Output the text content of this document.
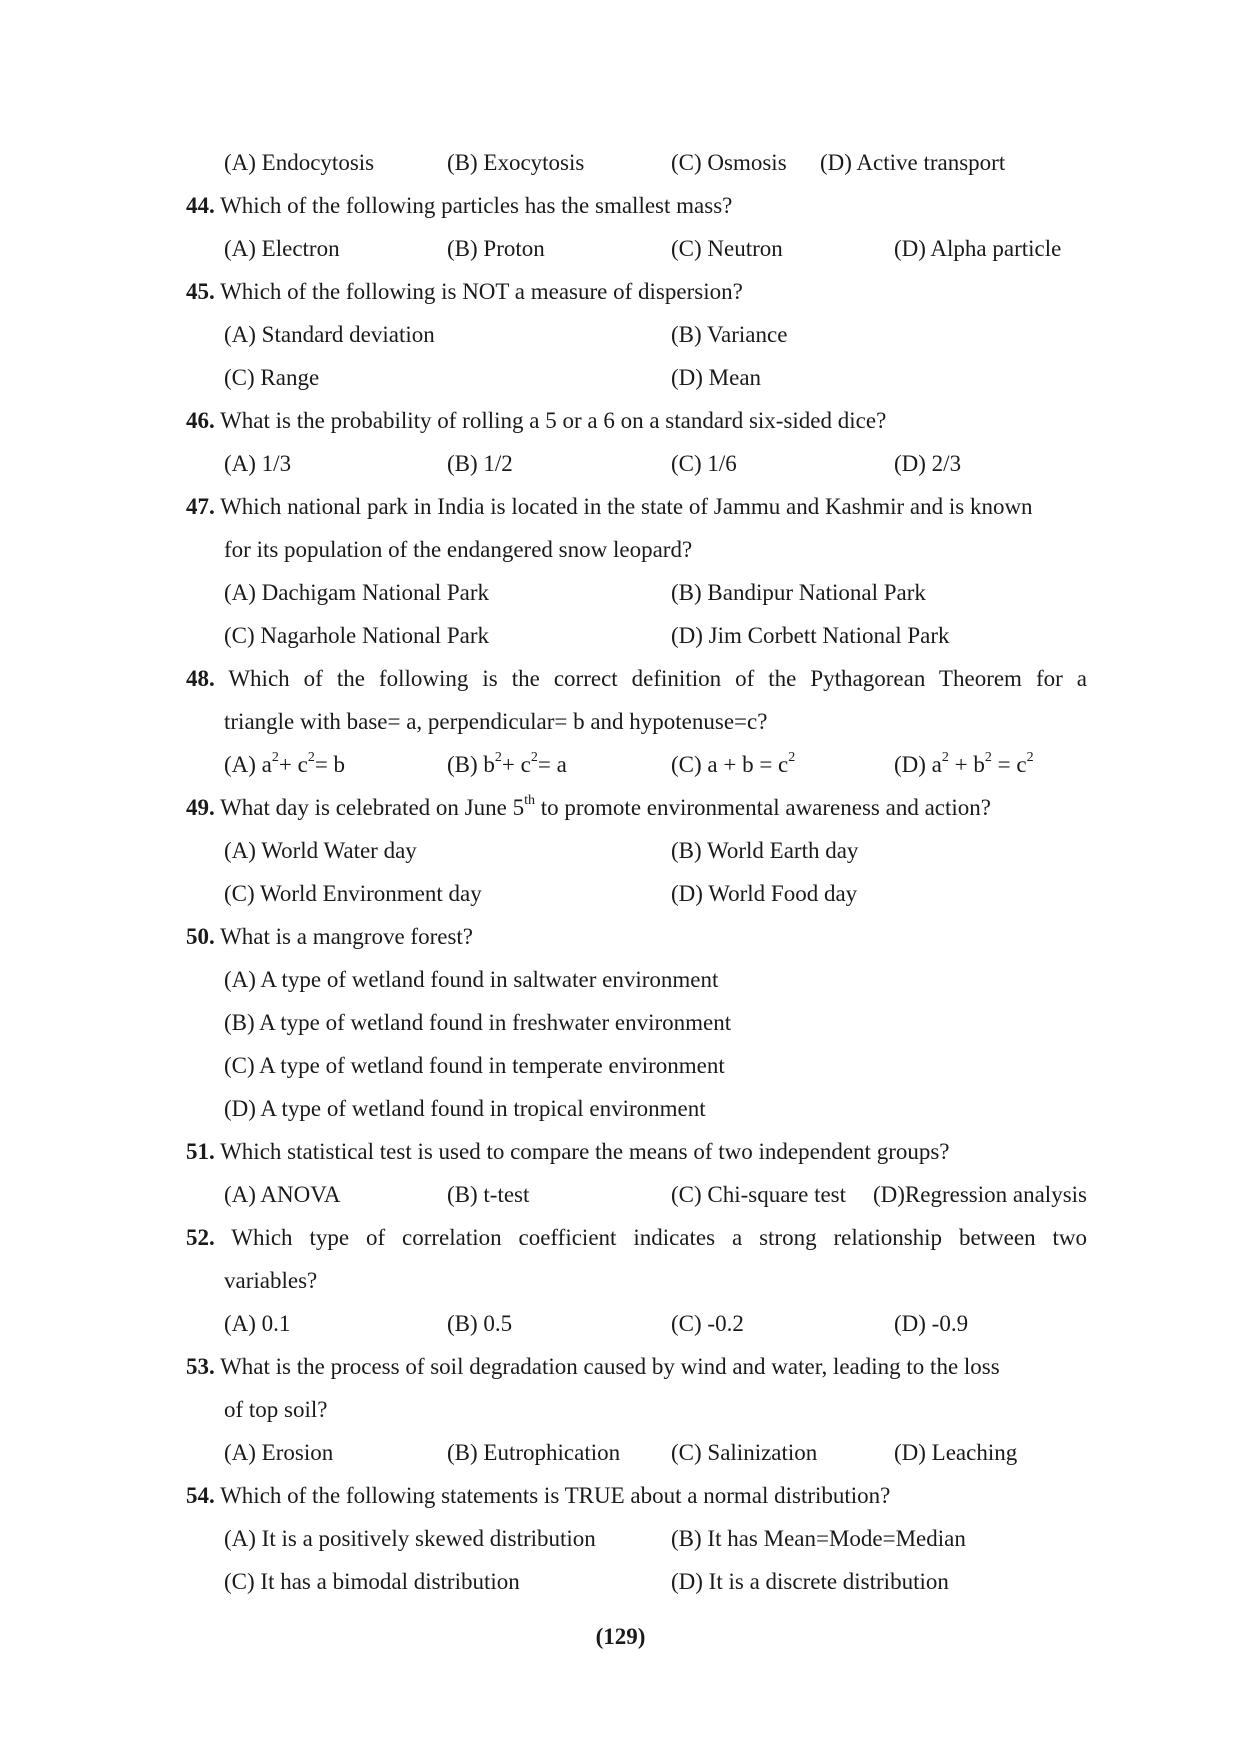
(A) Endocytosis	(B) Exocytosis	(C) Osmosis (D) Active transport
44. Which of the following particles has the smallest mass?
(A) Electron	(B) Proton	(C) Neutron	(D) Alpha particle
45. Which of the following is NOT a measure of dispersion?
(A) Standard deviation	(B) Variance
(C) Range	(D) Mean
46. What is the probability of rolling a 5 or a 6 on a standard six-sided dice?
(A) 1/3	(B) 1/2	(C) 1/6	(D) 2/3
47. Which national park in India is located in the state of Jammu and Kashmir and is known
for its population of the endangered snow leopard?
(A) Dachigam National Park	(B) Bandipur National Park
(C) Nagarhole National Park	(D) Jim Corbett National Park
48. Which of the following is the correct definition of the Pythagorean Theorem for a
triangle with base= a, perpendicular= b and hypotenuse=c?
(A) $a^2+ c^2= b$	(B) $b^2+ c^2= a$	(C) $a + b = c^2$	(D) $a^2 + b^2 = c^2$
49. What day is celebrated on June 5th to promote environmental awareness and action?
(A) World Water day	(B) World Earth day
(C) World Environment day	(D) World Food day
50. What is a mangrove forest?
(A) A type of wetland found in saltwater environment
(B) A type of wetland found in freshwater environment
(C) A type of wetland found in temperate environment
(D) A type of wetland found in tropical environment
51. Which statistical test is used to compare the means of two independent groups?
(A) ANOVA	(B) t-test	(C) Chi-square test (D)Regression analysis
52. Which type of correlation coefficient indicates a strong relationship between two
variables?
(A) 0.1	(B) 0.5	(C) -0.2	(D) -0.9
53. What is the process of soil degradation caused by wind and water, leading to the loss
of top soil?
(A) Erosion	(B) Eutrophication (C) Salinization	(D) Leaching
54. Which of the following statements is TRUE about a normal distribution?
(A) It is a positively skewed distribution	(B) It has Mean=Mode=Median
(C) It has a bimodal distribution	(D) It is a discrete distribution
(129)
